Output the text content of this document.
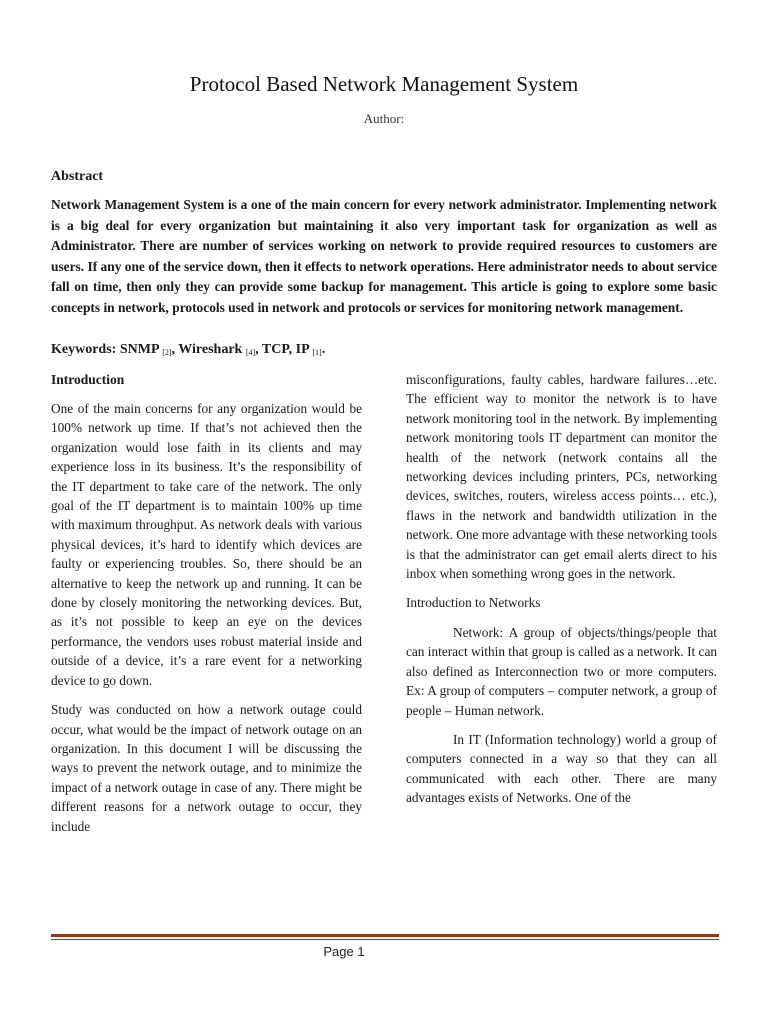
Protocol Based Network Management System
Author:
Abstract

Network Management System is a one of the main concern for every network administrator. Implementing network is a big deal for every organization but maintaining it also very important task for organization as well as Administrator. There are number of services working on network to provide required resources to customers are users. If any one of the service down, then it effects to network operations. Here administrator needs to about service fall on time, then only they can provide some backup for management. This article is going to explore some basic concepts in network, protocols used in network and protocols or services for monitoring network management.

Keywords: SNMP $_{[2]}$, Wireshark $_{[4]}$, TCP, IP $_{[1]}$.
Introduction

One of the main concerns for any organization would be 100% network up time. If that’s not achieved then the organization would lose faith in its clients and may experience loss in its business. It’s the responsibility of the IT department to take care of the network. The only goal of the IT department is to maintain 100% up time with maximum throughput. As network deals with various physical devices, it’s hard to identify which devices are faulty or experiencing troubles. So, there should be an alternative to keep the network up and running. It can be done by closely monitoring the networking devices. But, as it’s not possible to keep an eye on the devices performance, the vendors uses robust material inside and outside of a device, it’s a rare event for a networking device to go down.

Study was conducted on how a network outage could occur, what would be the impact of network outage on an organization. In this document I will be discussing the ways to prevent the network outage, and to minimize the impact of a network outage in case of any. There might be different reasons for a network outage to occur, they include

misconfigurations, faulty cables, hardware failures…etc. The efficient way to monitor the network is to have network monitoring tool in the network. By implementing network monitoring tools IT department can monitor the health of the network (network contains all the networking devices including printers, PCs, networking devices, switches, routers, wireless access points… etc.), flaws in the network and bandwidth utilization in the network. One more advantage with these networking tools is that the administrator can get email alerts direct to his inbox when something wrong goes in the network.

Introduction to Networks

Network: A group of objects/things/people that can interact within that group is called as a network. It can also defined as Interconnection two or more computers. Ex: A group of computers – computer network, a group of people – Human network.

In IT (Information technology) world a group of computers connected in a way so that they can all communicated with each other. There are many advantages exists of Networks. One of the

Page 1
